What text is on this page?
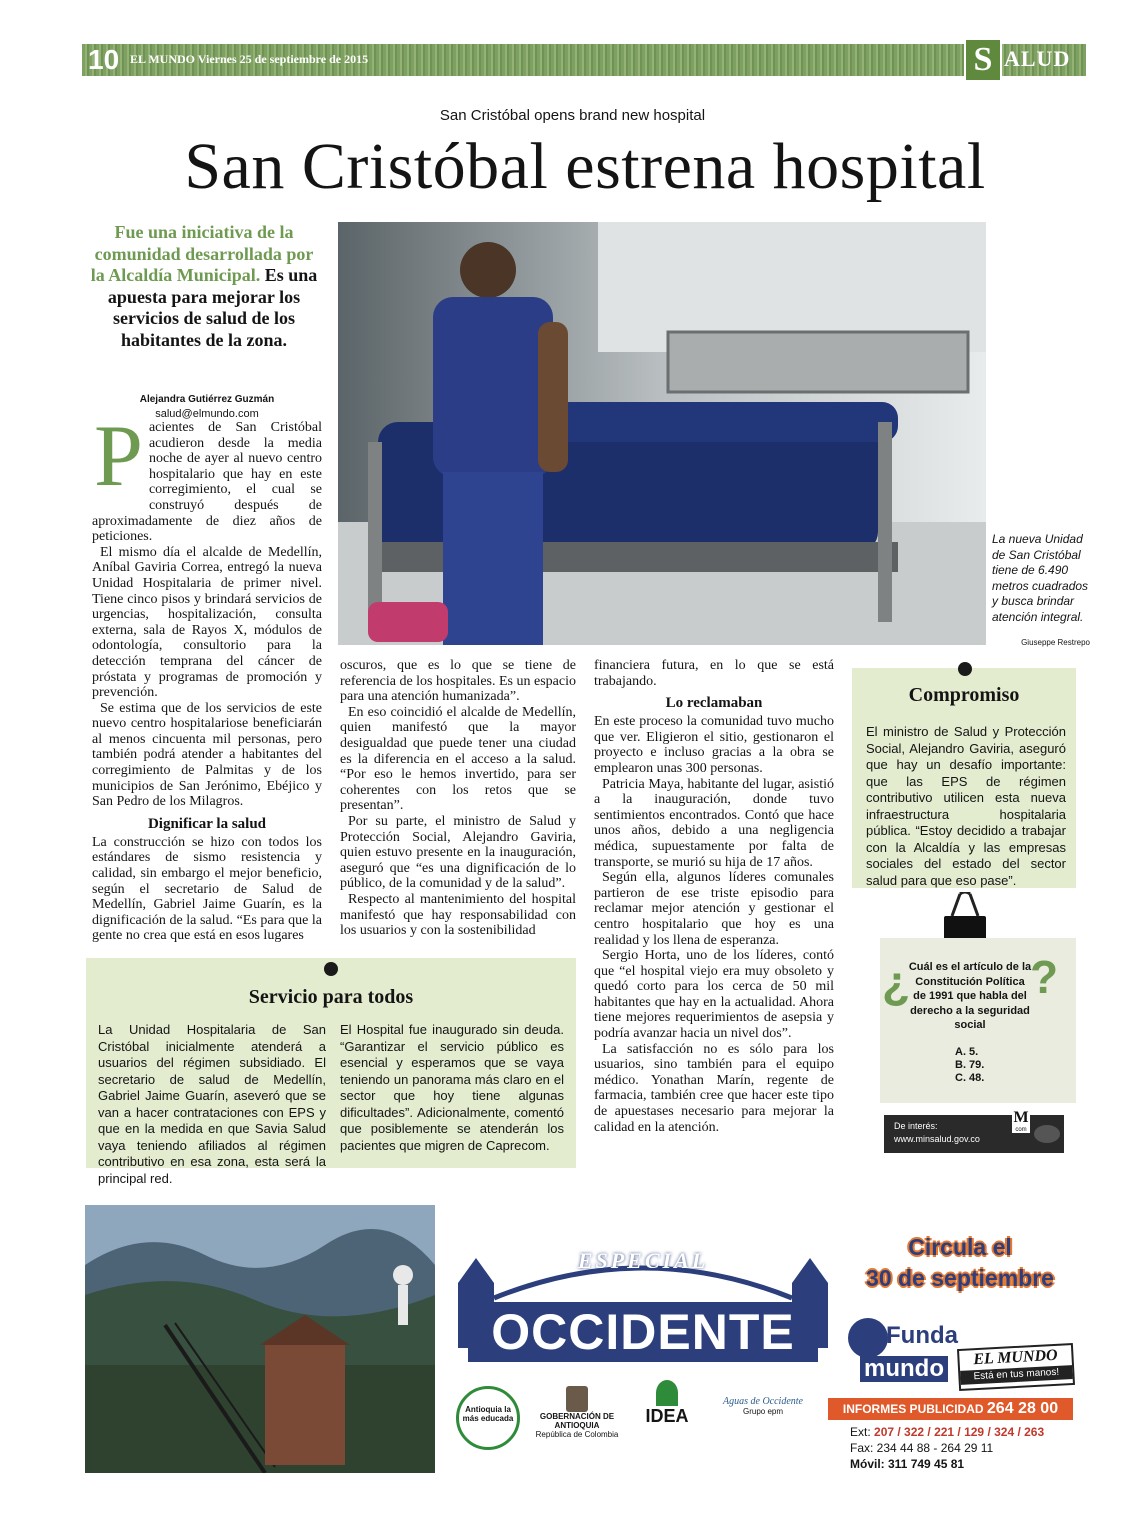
10 EL MUNDO Viernes 25 de septiembre de 2015	S ALUD
San Cristóbal opens brand new hospital
San Cristóbal estrena hospital
Fue una iniciativa de la comunidad desarrollada por la Alcaldía Municipal. Es una apuesta para mejorar los servicios de salud de los habitantes de la zona.
Alejandra Gutiérrez Guzmán
salud@elmundo.com
P acientes de San Cristóbal acudieron desde la media noche de ayer al nuevo centro hospitalario que hay en este corregimiento, el cual se construyó después de aproximadamente de diez años de peticiones.

El mismo día el alcalde de Medellín, Aníbal Gaviria Correa, entregó la nueva Unidad Hospitalaria de primer nivel. Tiene cinco pisos y brindará servicios de urgencias, hospitalización, consulta externa, sala de Rayos X, módulos de odontología, consultorio para la detección temprana del cáncer de próstata y programas de promoción y prevención.

Se estima que de los servicios de este nuevo centro hospitalariose beneficiarán al menos cincuenta mil personas, pero también podrá atender a habitantes del corregimiento de Palmitas y de los municipios de San Jerónimo, Ebéjico y San Pedro de los Milagros.

Dignificar la salud

La construcción se hizo con todos los estándares de sismo resistencia y calidad, sin embargo el mejor beneficio, según el secretario de Salud de Medellín, Gabriel Jaime Guarín, es la dignificación de la salud. “Es para que la gente no crea que está en esos lugares

La nueva Unidad de San Cristóbal tiene de 6.490 metros cuadrados y busca brindar atención integral.
Giuseppe Restrepo

oscuros, que es lo que se tiene de referencia de los hospitales. Es un espacio para una atención humanizada”.

En eso coincidió el alcalde de Medellín, quien manifestó que la mayor desigualdad que puede tener una ciudad es la diferencia en el acceso a la salud. “Por eso le hemos invertido, para ser coherentes con los retos que se presentan”.

Por su parte, el ministro de Salud y Protección Social, Alejandro Gaviria, quien estuvo presente en la inauguración, aseguró que “es una dignificación de lo público, de la comunidad y de la salud”.

Respecto al mantenimiento del hospital manifestó que hay responsabilidad con los usuarios y con la sostenibilidad

financiera futura, en lo que se está trabajando.

Lo reclamaban

En este proceso la comunidad tuvo mucho que ver. Eligieron el sitio, gestionaron el proyecto e incluso gracias a la obra se emplearon unas 300 personas.

Patricia Maya, habitante del lugar, asistió a la inauguración, donde tuvo sentimientos encontrados. Contó que hace unos años, debido a una negligencia médica, supuestamente por falta de transporte, se murió su hija de 17 años.

Según ella, algunos líderes comunales partieron de ese triste episodio para reclamar mejor atención y gestionar el centro hospitalario que hoy es una realidad y los llena de esperanza.

Sergio Horta, uno de los líderes, contó que “el hospital viejo era muy obsoleto y quedó corto para los cerca de 50 mil habitantes que hay en la actualidad. Ahora tiene mejores requerimientos de asepsia y podría avanzar hacia un nivel dos”.

La satisfacción no es sólo para los usuarios, sino también para el equipo médico. Yonathan Marín, regente de farmacia, también cree que hacer este tipo de apuestases necesario para mejorar la calidad en la atención.

Compromiso
El ministro de Salud y Protección Social, Alejandro Gaviria, aseguró que hay un desafío importante: que las EPS de régimen contributivo utilicen esta nueva infraestructura hospitalaria pública. “Estoy decidido a trabajar con la Alcaldía y las empresas sociales del estado del sector salud para que eso pase”.
Servicio para todos
La Unidad Hospitalaria de San Cristóbal inicialmente atenderá a usuarios del régimen subsidiado. El secretario de salud de Medellín, Gabriel Jaime Guarín, aseveró que se van a hacer contrataciones con EPS y que en la medida en que Savia Salud vaya teniendo afiliados al régimen contributivo en esa zona, esta será la principal red.
El Hospital fue inaugurado sin deuda. “Garantizar el servicio público es esencial y esperamos que se vaya teniendo un panorama más claro en el sector que hoy tiene algunas dificultades”. Adicionalmente, comentó que posiblemente se atenderán los pacientes que migren de Caprecom.
¿	?
Cuál es el artículo de la Constitución Política de 1991 que habla del derecho a la seguridad social
A. 5.
B. 79.
C. 48.
De interés:
www.minsalud.gov.co
M
com
ESPECIAL
OCCIDENTE
Circula el
30 de septiembre
Funda
mundo	EL MUNDO
Está en tus manos!
Antioquia la más educada	GOBERNACIÓN DE ANTIOQUIA
República de Colombia
IDEA
Aguas de Occidente
Grupo epm	INFORMES PUBLICIDAD 264 28 00
Ext: 207 / 322 / 221 / 129 / 324 / 263
Fax: 234 44 88 - 264 29 11
Móvil: 311 749 45 81
